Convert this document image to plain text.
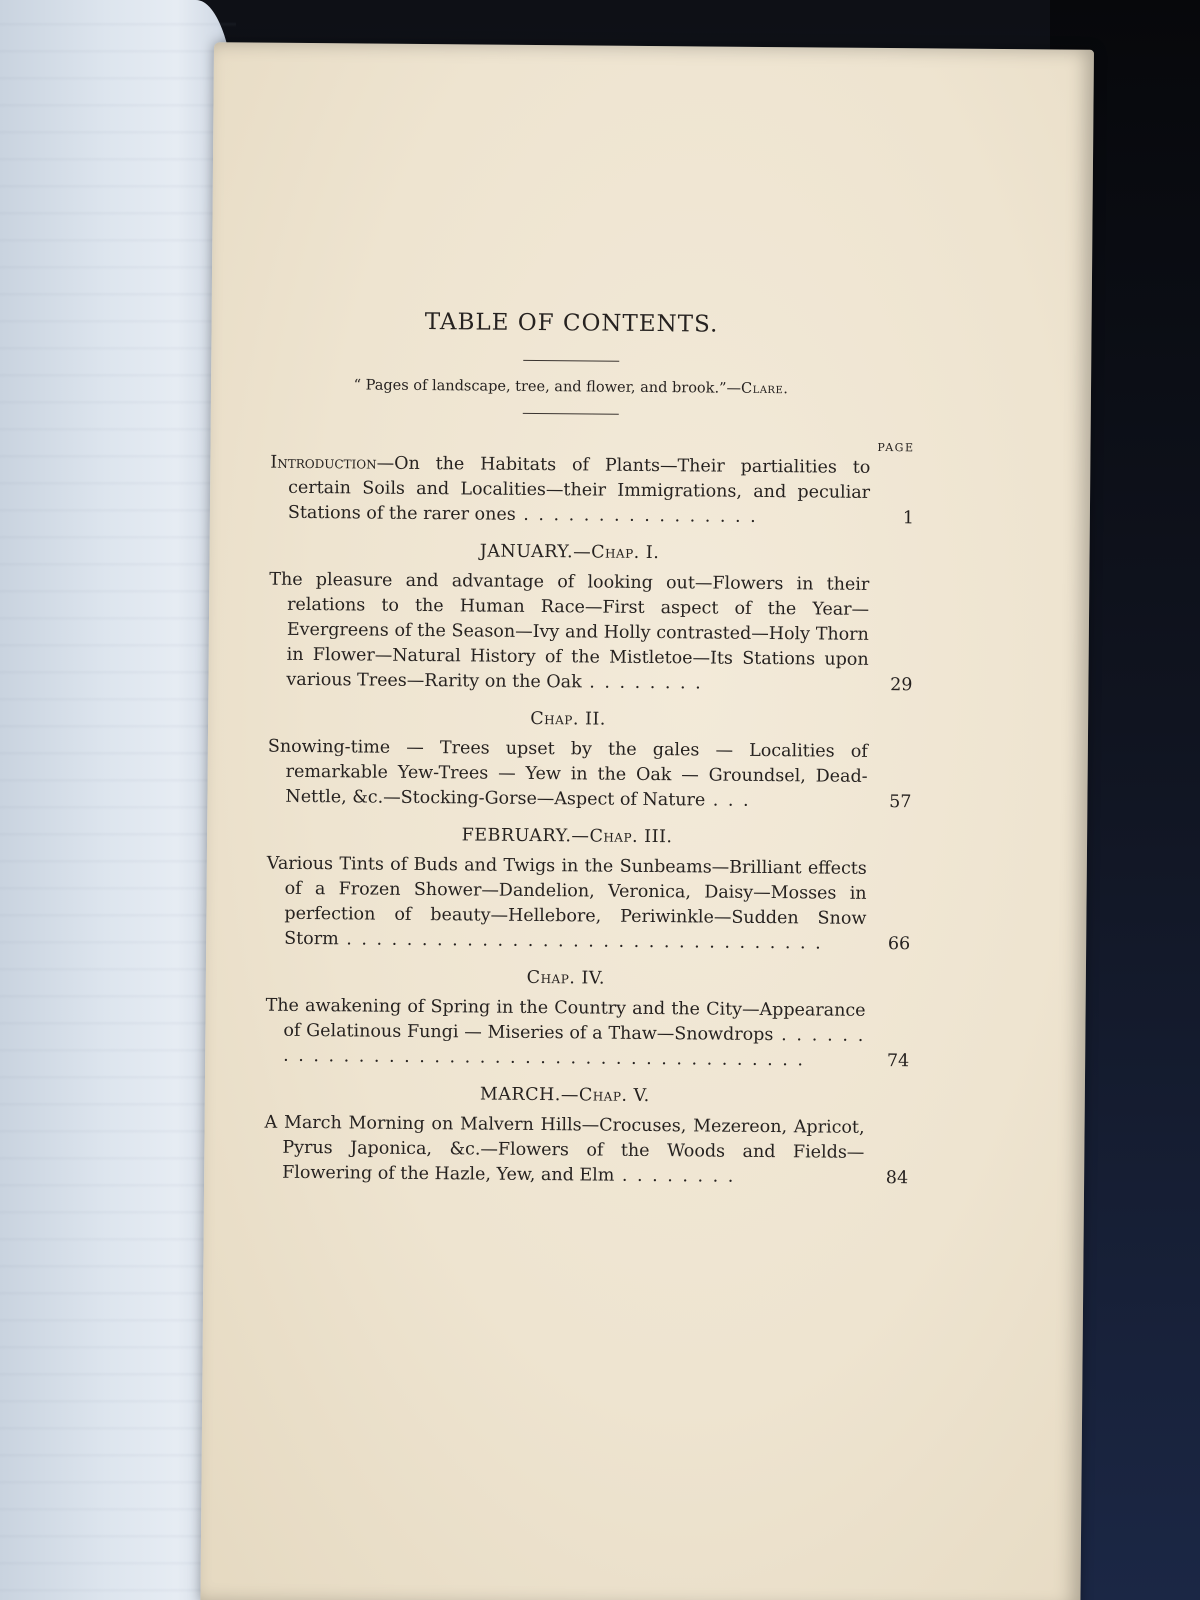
TABLE OF CONTENTS.
“ Pages of landscape, tree, and flower, and brook.”—Clare.
PAGE
Introduction—On the Habitats of Plants—Their partialities to certain Soils and Localities—their Immigrations, and peculiar Stations of the rarer ones . . . . . . . . . . . . . . . .	1
JANUARY.—Chap. I.
The pleasure and advantage of looking out—Flowers in their relations to the Human Race—First aspect of the Year—Evergreens of the Season—Ivy and Holly contrasted—Holy Thorn in Flower—Natural History of the Mistletoe—Its Stations upon various Trees—Rarity on the Oak . . . . . . . .	29
Chap. II.
Snowing-time — Trees upset by the gales — Localities of remarkable Yew-Trees — Yew in the Oak — Groundsel, Dead-Nettle, &c.—Stocking-Gorse—Aspect of Nature . . .	57
FEBRUARY.—Chap. III.
Various Tints of Buds and Twigs in the Sunbeams—Brilliant effects of a Frozen Shower—Dandelion, Veronica, Daisy—Mosses in perfection of beauty—Hellebore, Periwinkle—Sudden Snow Storm . . . . . . . . . . . . . . . . . . . . . . . . . . . . . . . .	66
Chap. IV.
The awakening of Spring in the Country and the City—Appearance of Gelatinous Fungi — Miseries of a Thaw—Snowdrops . . . . . . . . . . . . . . . . . . . . . . . . . . . . . . . . . . . . . . . . .	74
MARCH.—Chap. V.
A March Morning on Malvern Hills—Crocuses, Mezereon, Apricot, Pyrus Japonica, &c.—Flowers of the Woods and Fields—Flowering of the Hazle, Yew, and Elm . . . . . . . .	84
